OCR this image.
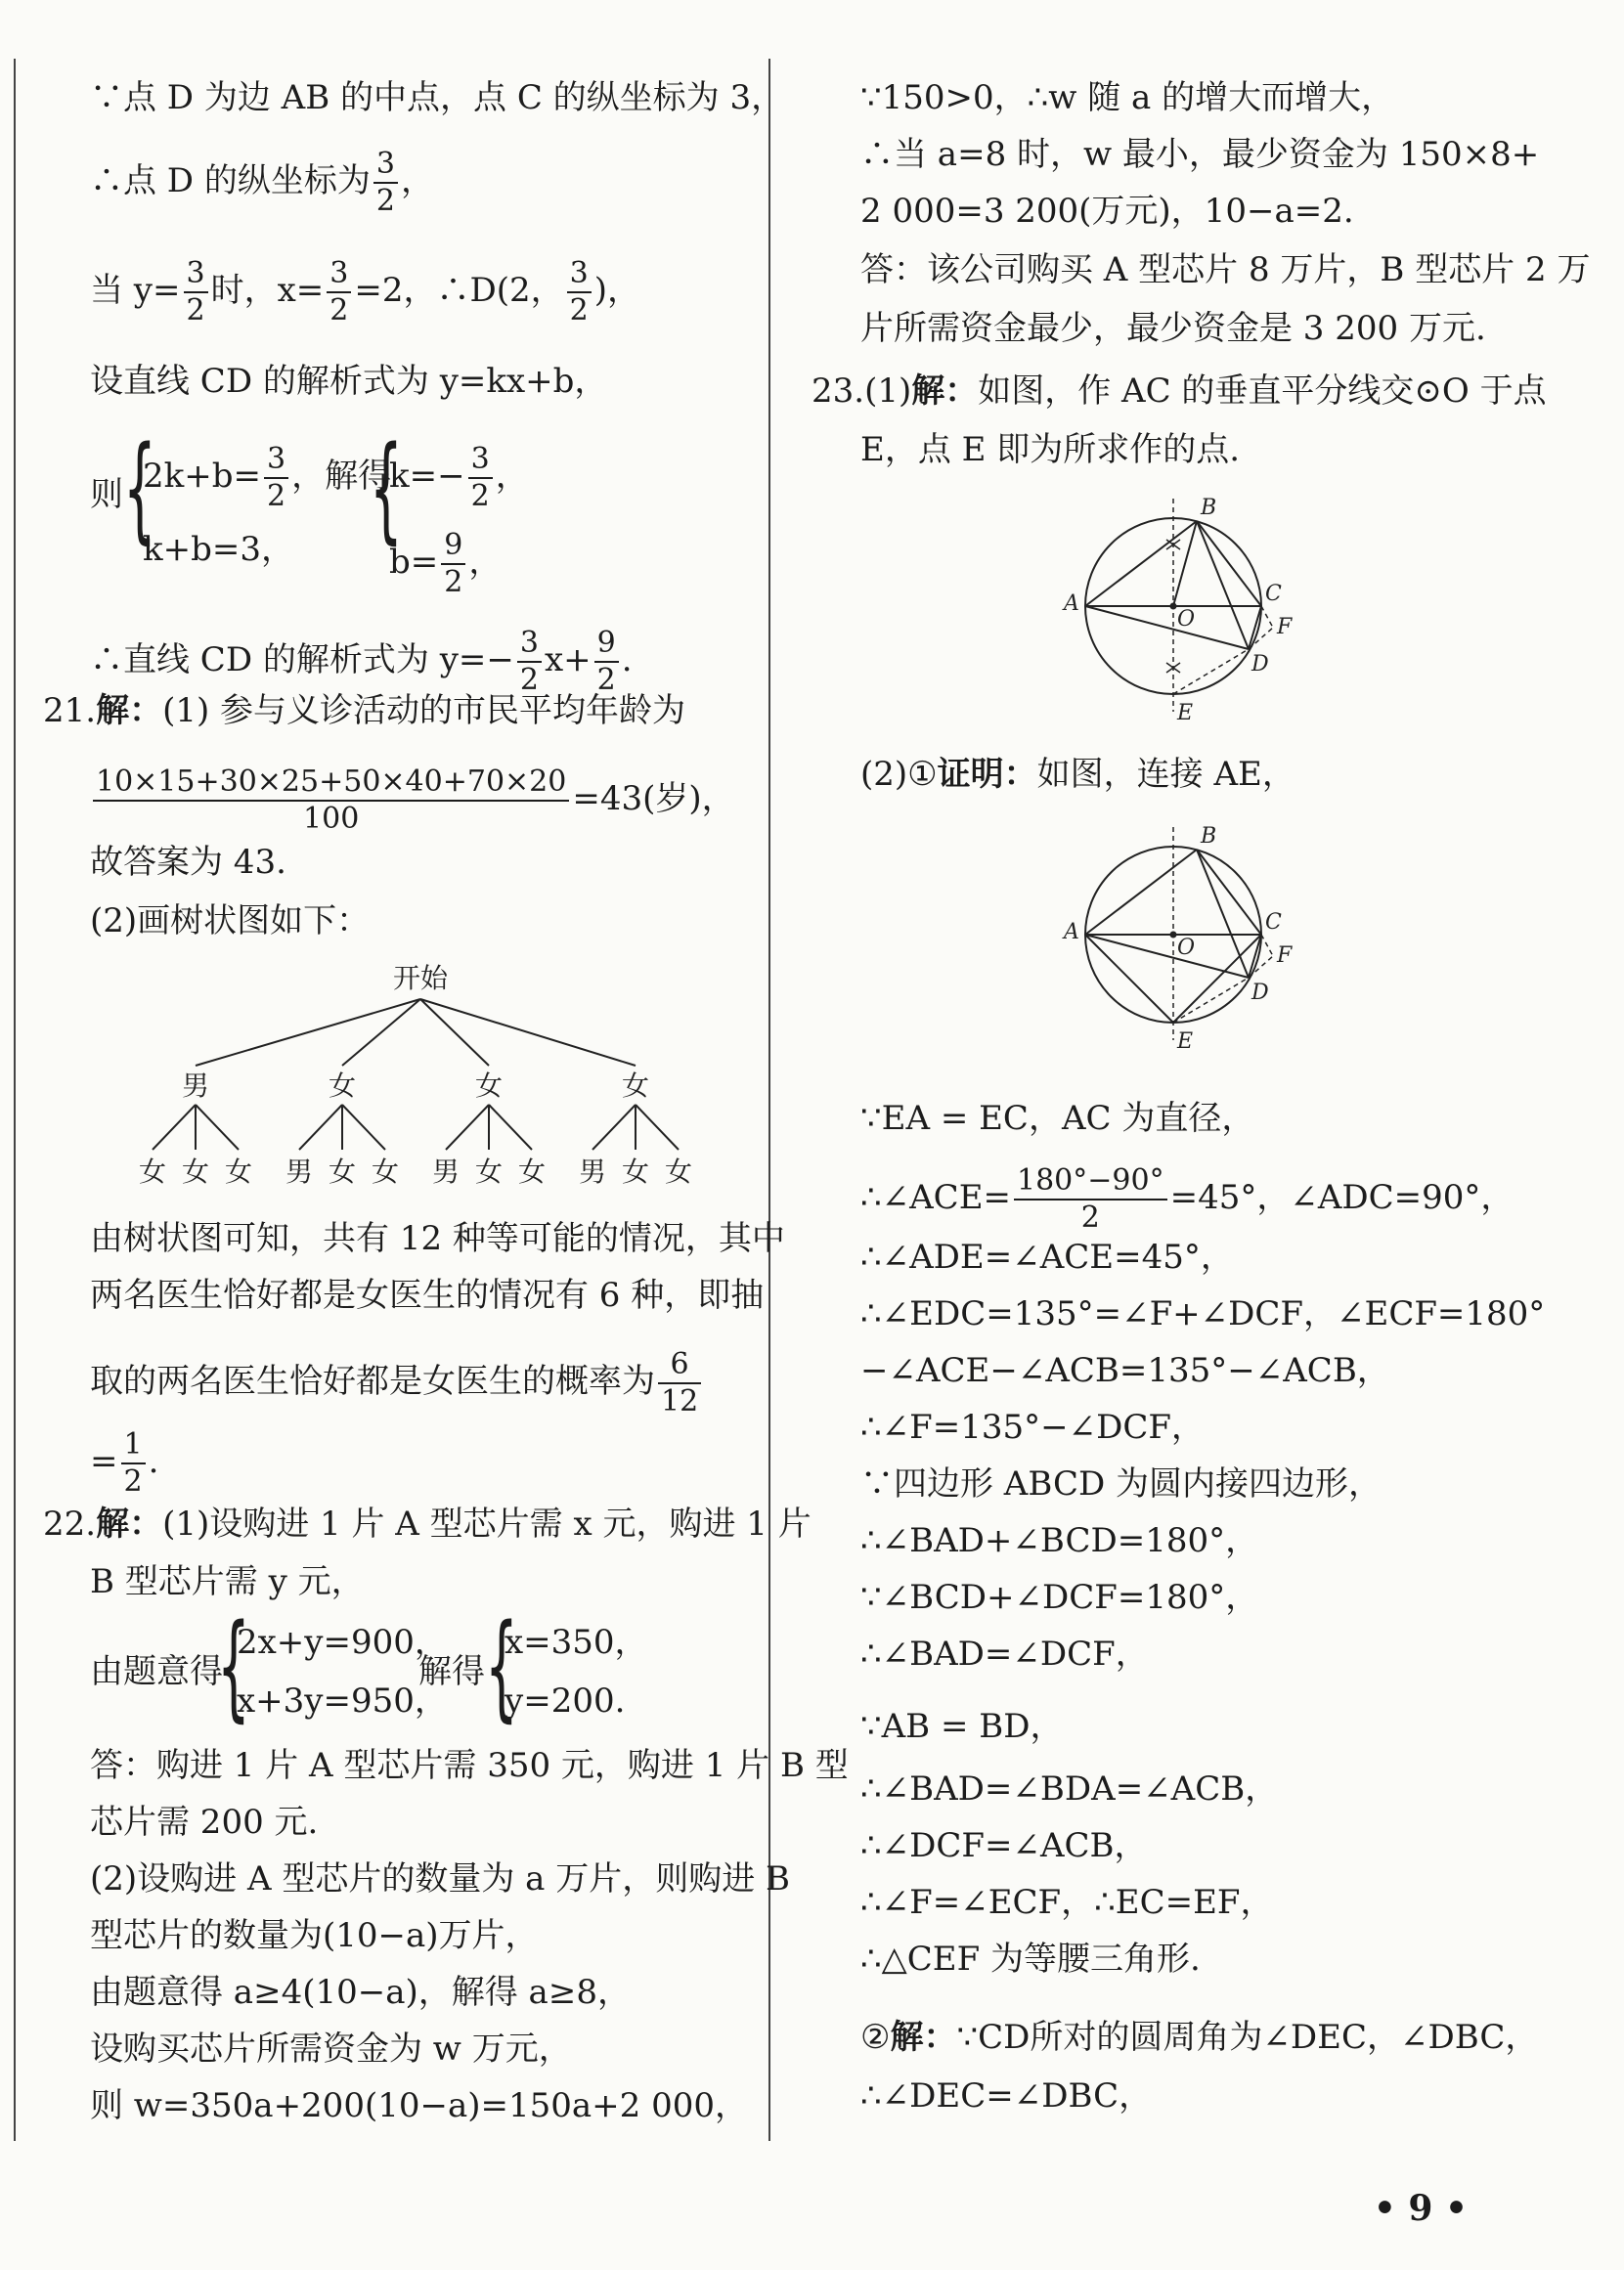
∵点 D 为边 AB 的中点，点 C 的纵坐标为 3，
∴点 D 的纵坐标为 $\frac{3}{2}$ ，
当 $y= \frac{3}{2}$ 时，$x= \frac{3}{2} =2$，∴D(2， $\frac{3}{2}$ )，
设直线 CD 的解析式为 y=kx+b，
则 {
$2k+b= \frac{3}{2}$ ，解得
k+b=3， {
$k=- \frac{3}{2}$ ，
$b= \frac{9}{2}$ ，
∴直线 CD 的解析式为 $y=- \frac{3}{2} x+ \frac{9}{2}$ .
21.解：(1) 参与义诊活动的市民平均年龄为
$\frac{10\times 15+30\times 25+50\times 40+70\times 20}{100} =43$(岁)，
故答案为 43.
(2)画树状图如下：
开始
男	女	女	女
女 女 女 男 女 女 男 女 女 男 女 女
由树状图可知，共有 12 种等可能的情况，其中
两名医生恰好都是女医生的情况有 6 种，即抽
取的两名医生恰好都是女医生的概率为 $\frac{6}{12}$
= $\frac{1}{2}$ .
22.解：(1)设购进 1 片 A 型芯片需 x 元，购进 1 片
B 型芯片需 y 元，
由题意得
{
2x+y=900，
x+3y=950，
解得 {
x=350，
y=200.
答：购进 1 片 A 型芯片需 350 元，购进 1 片 B 型
芯片需 200 元.
(2)设购进 A 型芯片的数量为 a 万片，则购进 B
型芯片的数量为(10−a)万片，
由题意得 a≥4(10−a)，解得 a≥8，
设购买芯片所需资金为 w 万元，
则 w=350a+200(10−a)=150a+2 000，
∵150>0，∴w 随 a 的增大而增大，
∴当 a=8 时，w 最小，最少资金为 150×8+
2 000=3 200(万元)，10−a=2.
答：该公司购买 A 型芯片 8 万片，B 型芯片 2 万
片所需资金最少，最少资金是 3 200 万元.
23.(1)解：如图，作 AC 的垂直平分线交⊙O 于点
E，点 E 即为所求作的点.
B
A
O
C
F
D
E
(2)①证明：如图，连接 AE，
B
A
O
C
F
D
E
∵EA = EC，AC 为直径，
∴∠ACE= $\frac{180^\circ-90^\circ}{2} =45^\circ$，∠ADC=90°，
∴∠ADE=∠ACE=45°，
∴∠EDC=135°=∠F+∠DCF，∠ECF=180°
−∠ACE−∠ACB=135°−∠ACB，
∴∠F=135°−∠DCF，
∵四边形 ABCD 为圆内接四边形，
∴∠BAD+∠BCD=180°，
∵∠BCD+∠DCF=180°，
∴∠BAD=∠DCF，
∵AB = BD，
∴∠BAD=∠BDA=∠ACB，
∴∠DCF=∠ACB，
∴∠F=∠ECF，∴EC=EF，
∴△CEF 为等腰三角形.
②解：∵CD所对的圆周角为∠DEC，∠DBC，
∴∠DEC=∠DBC，
• 9 •
